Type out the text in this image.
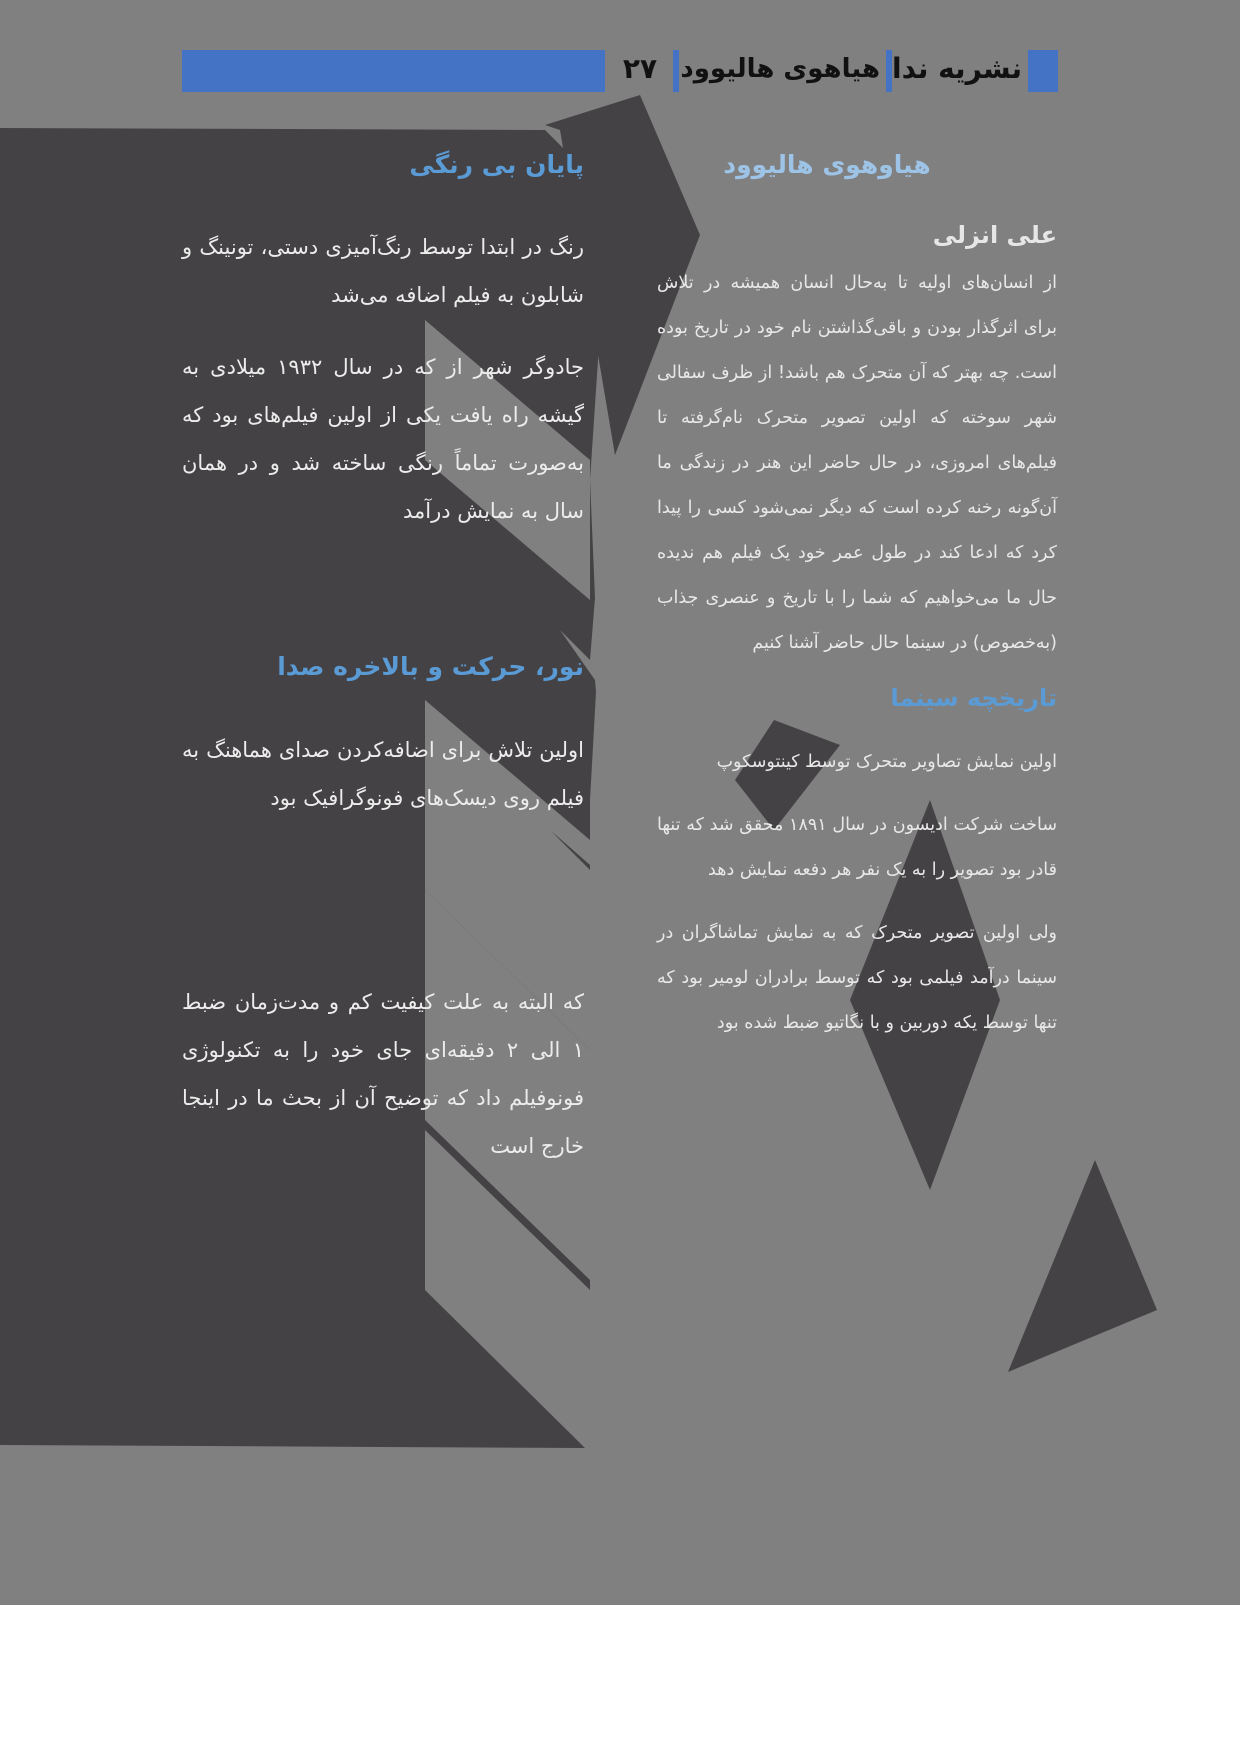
۲۷ هیاهوی هالیوود نشریه ندا
پایان بی رنگی

رنگ در ابتدا توسط رنگ‌آمیزی دستی، تونینگ و شابلون به فیلم اضافه می‌شد

جادوگر شهر از که در سال ۱۹۳۲ میلادی به گیشه راه یافت یکی از اولین فیلم‌های بود که به‌صورت تماماً رنگی ساخته شد و در همان سال به نمایش درآمد

نور، حرکت و بالاخره صدا

اولین تلاش برای اضافه‌کردن صدای هماهنگ به فیلم روی دیسک‌های فونوگرافیک بود

که البته به علت کیفیت کم و مدت‌زمان ضبط ۱ الی ۲ دقیقه‌ای جای خود را به تکنولوژی فونوفیلم داد که توضیح آن از بحث ما در اینجا خارج است

هیاوهوی هالیوود
علی انزلی

از انسان‌های اولیه تا به‌حال انسان همیشه در تلاش برای اثرگذار بودن و باقی‌گذاشتن نام خود در تاریخ بوده است. چه بهتر که آن متحرک هم باشد! از ظرف سفالی شهر سوخته که اولین تصویر متحرک نام‌گرفته تا فیلم‌های امروزی، در حال حاضر این هنر در زندگی ما آن‌گونه رخنه کرده است که دیگر نمی‌شود کسی را پیدا کرد که ادعا کند در طول عمر خود یک فیلم هم ندیده حال ما می‌خواهیم که شما را با تاریخ و عنصری جذاب (به‌خصوص) در سینما حال حاضر آشنا کنیم

تاریخچه سینما

اولین نمایش تصاویر متحرک توسط کینتوسکوپ

ساخت شرکت ادیسون در سال ۱۸۹۱ محقق شد که تنها قادر بود تصویر را به یک نفر هر دفعه نمایش دهد

ولی اولین تصویر متحرک که به نمایش تماشاگران در سینما درآمد فیلمی بود که توسط برادران لومیر بود که تنها توسط یکه دوربین و با نگاتیو ضبط شده بود
